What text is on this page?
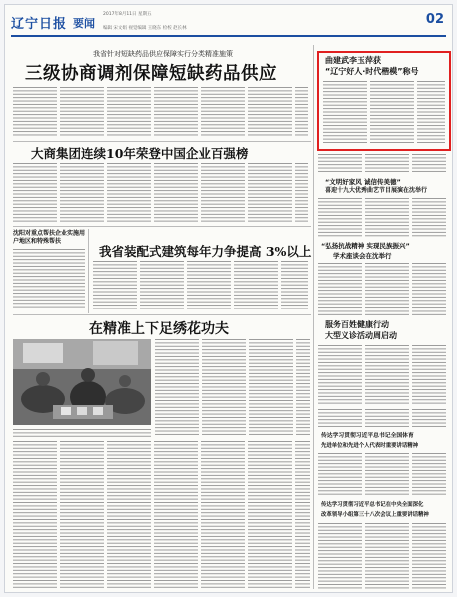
辽宁日报 要闻
2017年8月11日 星期五
编辑 宋文娟 视觉编辑 王晓东 检校 赵长林
02
我省针对短缺药品供应保障实行分类精准施策
三级协商调剂保障短缺药品供应
大商集团连续10年荣登中国企业百强榜
沈阳对重点帮扶企业实施用户地区和特殊帮扶
我省装配式建筑每年力争提高 3%以上
在精准上下足绣花功夫
曲建武李玉萍获
“辽宁好人·时代楷模”称号
“文明好家风 诚信传美德”
喜迎十九大优秀曲艺节目展演在沈举行
“弘扬抗战精神 实现民族振兴”
学术座谈会在沈举行
服务百姓健康行动
大型义诊活动周启动
传达学习贯彻习近平总书记全国体育
先进单位和先进个人代表时重要讲话精神
传达学习贯彻习近平总书记在中央全面深化
改革领导小组第三十八次会议上重要讲话精神
